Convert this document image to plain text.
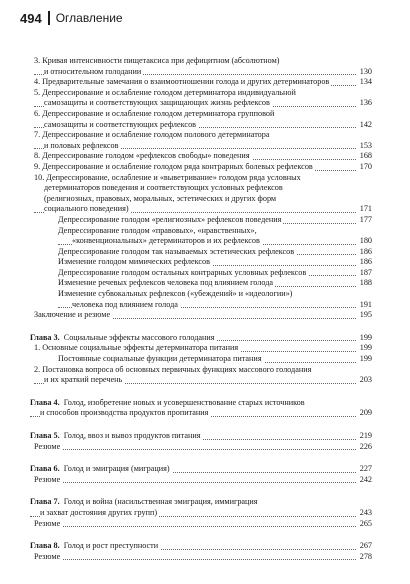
494 Оглавление
3. Кривая интенсивности пищетаксиса при дефицитном (абсолютном)
и относительном голодании	130
4. Предварительные замечания о взаимоотношении голода и других детерминаторов	134
5. Депрессирование и ослабление голодом детерминатора индивидуальной
самозащиты и соответствующих защищающих жизнь рефлексов	136
6. Депрессирование и ослабление голодом детерминатора групповой
самозащиты и соответствующих рефлексов	142
7. Депрессирование и ослабление голодом полового детерминатора
и половых рефлексов	153
8. Депрессирование голодом «рефлексов свободы» поведения	168
9. Депрессирование и ослабление голодом ряда контрарных болевых рефлексов	170
10. Депрессирование, ослабление и «выветривание» голодом ряда условных
детерминаторов поведения и соответствующих условных рефлексов
(религиозных, правовых, моральных, эстетических и других форм
социального поведения)	171
Депрессирование голодом «религиозных» рефлексов поведения	177
Депрессирование голодом «правовых», «нравственных»,
«конвенциональных» детерминаторов и их рефлексов	180
Депрессирование голодом так называемых эстетических рефлексов	186
Изменение голодом мимических рефлексов	186
Депрессирование голодом остальных контрарных условных рефлексов	187
Изменение речевых рефлексов человека под влиянием голода	188
Изменение субвокальных рефлексов («убеждений» и «идеологии»)
человека под влиянием голода	191
Заключение и резюме	195
Глава 3. Социальные эффекты массового голодания	199
1. Основные социальные эффекты детерминатора питания	199
Постоянные социальные функции детерминатора питания	199
2. Постановка вопроса об основных первичных функциях массового голодания
и их краткий перечень	203
Глава 4. Голод, изобретение новых и усовершенствование старых источников
и способов производства продуктов пропитания	209
Глава 5. Голод, ввоз и вывоз продуктов питания	219
Резюме	226
Глава 6. Голод и эмиграция (миграция)	227
Резюме	242
Глава 7. Голод и война (насильственная эмиграция, иммиграция
и захват достояния других групп)	243
Резюме	265
Глава 8. Голод и рост преступности	267
Резюме	278
